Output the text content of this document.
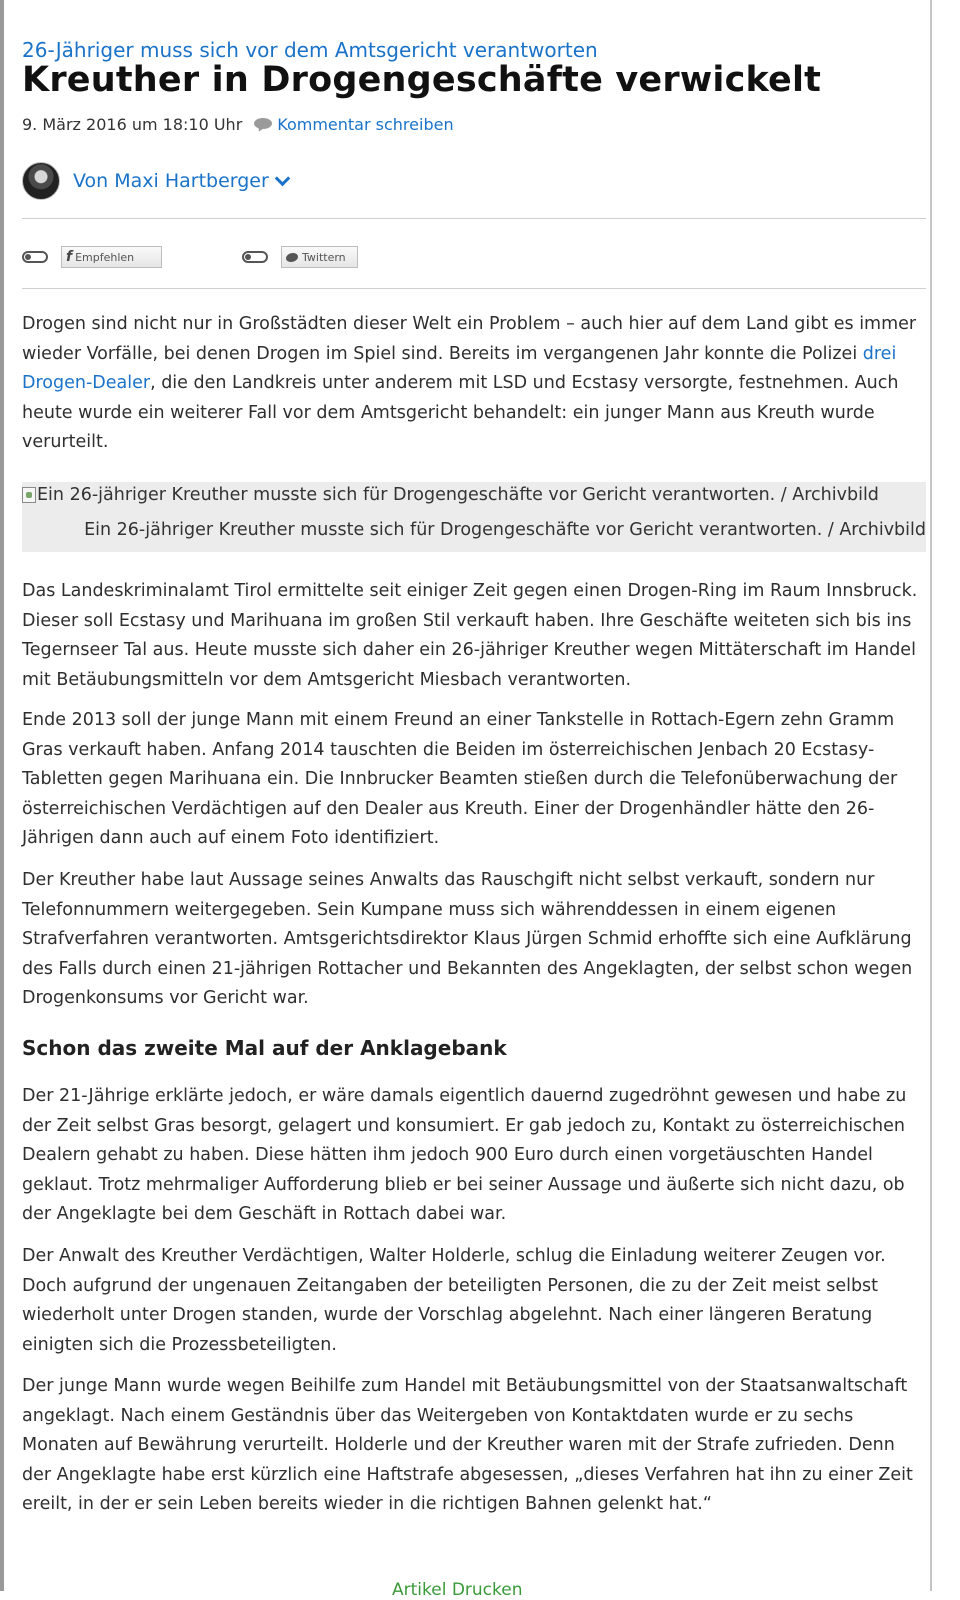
26-Jähriger muss sich vor dem Amtsgericht verantworten
Kreuther in Drogengeschäfte verwickelt
9. März 2016 um 18:10 Uhr Kommentar schreiben
Von Maxi Hartberger
f Empfehlen	Twittern

Drogen sind nicht nur in Großstädten dieser Welt ein Problem – auch hier auf dem Land gibt es immer wieder Vorfälle, bei denen Drogen im Spiel sind. Bereits im vergangenen Jahr konnte die Polizei drei Drogen-Dealer, die den Landkreis unter anderem mit LSD und Ecstasy versorgte, festnehmen. Auch heute wurde ein weiterer Fall vor dem Amtsgericht behandelt: ein junger Mann aus Kreuth wurde verurteilt.

Ein 26-jähriger Kreuther musste sich für Drogengeschäfte vor Gericht verantworten. / Archivbild
Ein 26-jähriger Kreuther musste sich für Drogengeschäfte vor Gericht verantworten. / Archivbild

Das Landeskriminalamt Tirol ermittelte seit einiger Zeit gegen einen Drogen-Ring im Raum Innsbruck. Dieser soll Ecstasy und Marihuana im großen Stil verkauft haben. Ihre Geschäfte weiteten sich bis ins Tegernseer Tal aus. Heute musste sich daher ein 26-jähriger Kreuther wegen Mittäterschaft im Handel mit Betäubungsmitteln vor dem Amtsgericht Miesbach verantworten.

Ende 2013 soll der junge Mann mit einem Freund an einer Tankstelle in Rottach-Egern zehn Gramm Gras verkauft haben. Anfang 2014 tauschten die Beiden im österreichischen Jenbach 20 Ecstasy-Tabletten gegen Marihuana ein. Die Innbrucker Beamten stießen durch die Telefonüberwachung der österreichischen Verdächtigen auf den Dealer aus Kreuth. Einer der Drogenhändler hätte den 26-Jährigen dann auch auf einem Foto identifiziert.

Der Kreuther habe laut Aussage seines Anwalts das Rauschgift nicht selbst verkauft, sondern nur Telefonnummern weitergegeben. Sein Kumpane muss sich währenddessen in einem eigenen Strafverfahren verantworten. Amtsgerichtsdirektor Klaus Jürgen Schmid erhoffte sich eine Aufklärung des Falls durch einen 21-jährigen Rottacher und Bekannten des Angeklagten, der selbst schon wegen Drogenkonsums vor Gericht war.

Schon das zweite Mal auf der Anklagebank

Der 21-Jährige erklärte jedoch, er wäre damals eigentlich dauernd zugedröhnt gewesen und habe zu der Zeit selbst Gras besorgt, gelagert und konsumiert. Er gab jedoch zu, Kontakt zu österreichischen Dealern gehabt zu haben. Diese hätten ihm jedoch 900 Euro durch einen vorgetäuschten Handel geklaut. Trotz mehrmaliger Aufforderung blieb er bei seiner Aussage und äußerte sich nicht dazu, ob der Angeklagte bei dem Geschäft in Rottach dabei war.

Der Anwalt des Kreuther Verdächtigen, Walter Holderle, schlug die Einladung weiterer Zeugen vor. Doch aufgrund der ungenauen Zeitangaben der beteiligten Personen, die zu der Zeit meist selbst wiederholt unter Drogen standen, wurde der Vorschlag abgelehnt. Nach einer längeren Beratung einigten sich die Prozessbeteiligten.

Der junge Mann wurde wegen Beihilfe zum Handel mit Betäubungsmittel von der Staatsanwaltschaft angeklagt. Nach einem Geständnis über das Weitergeben von Kontaktdaten wurde er zu sechs Monaten auf Bewährung verurteilt. Holderle und der Kreuther waren mit der Strafe zufrieden. Denn der Angeklagte habe erst kürzlich eine Haftstrafe abgesessen, „dieses Verfahren hat ihn zu einer Zeit ereilt, in der er sein Leben bereits wieder in die richtigen Bahnen gelenkt hat.“

Artikel Drucken
